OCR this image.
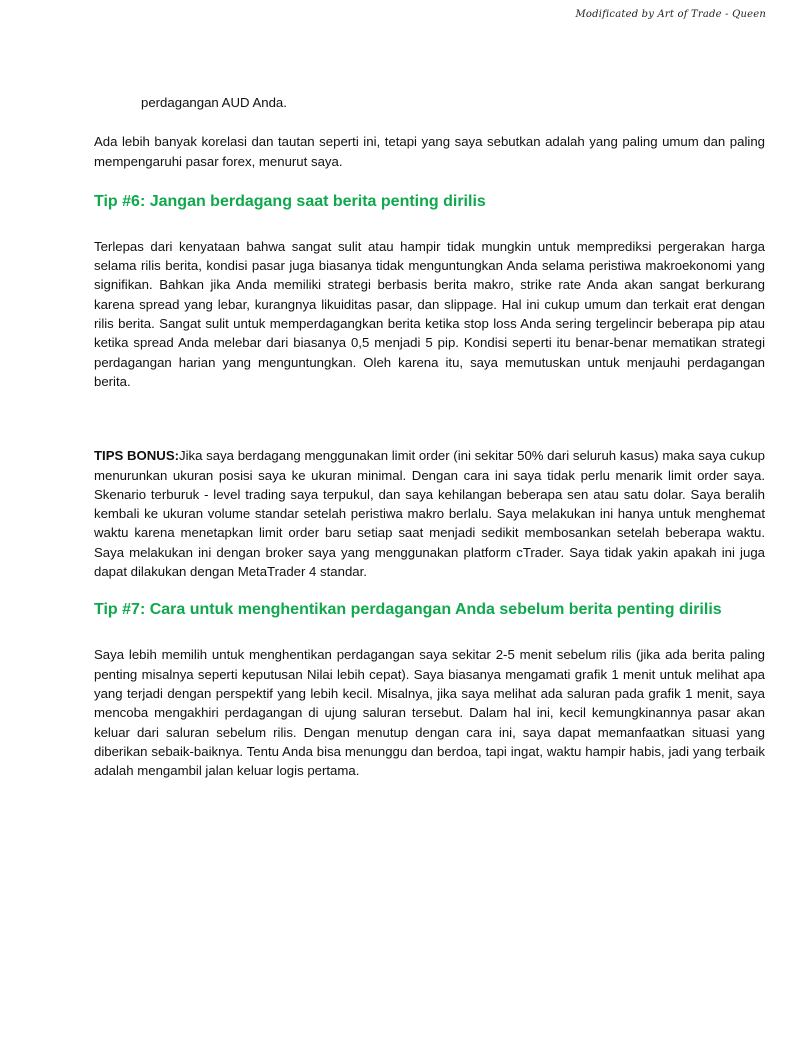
Modificated by Art of Trade - Queen

perdagangan AUD Anda.

Ada lebih banyak korelasi dan tautan seperti ini, tetapi yang saya sebutkan adalah yang paling umum dan paling mempengaruhi pasar forex, menurut saya.

Tip #6: Jangan berdagang saat berita penting dirilis

Terlepas dari kenyataan bahwa sangat sulit atau hampir tidak mungkin untuk memprediksi pergerakan harga selama rilis berita, kondisi pasar juga biasanya tidak menguntungkan Anda selama peristiwa makroekonomi yang signifikan. Bahkan jika Anda memiliki strategi berbasis berita makro, strike rate Anda akan sangat berkurang karena spread yang lebar, kurangnya likuiditas pasar, dan slippage. Hal ini cukup umum dan terkait erat dengan rilis berita. Sangat sulit untuk memperdagangkan berita ketika stop loss Anda sering tergelincir beberapa pip atau ketika spread Anda melebar dari biasanya 0,5 menjadi 5 pip. Kondisi seperti itu benar-benar mematikan strategi perdagangan harian yang menguntungkan. Oleh karena itu, saya memutuskan untuk menjauhi perdagangan berita.

TIPS BONUS:Jika saya berdagang menggunakan limit order (ini sekitar 50% dari seluruh kasus) maka saya cukup menurunkan ukuran posisi saya ke ukuran minimal. Dengan cara ini saya tidak perlu menarik limit order saya. Skenario terburuk - level trading saya terpukul, dan saya kehilangan beberapa sen atau satu dolar. Saya beralih kembali ke ukuran volume standar setelah peristiwa makro berlalu. Saya melakukan ini hanya untuk menghemat waktu karena menetapkan limit order baru setiap saat menjadi sedikit membosankan setelah beberapa waktu. Saya melakukan ini dengan broker saya yang menggunakan platform cTrader. Saya tidak yakin apakah ini juga dapat dilakukan dengan MetaTrader 4 standar.

Tip #7: Cara untuk menghentikan perdagangan Anda sebelum berita penting dirilis

Saya lebih memilih untuk menghentikan perdagangan saya sekitar 2-5 menit sebelum rilis (jika ada berita paling penting misalnya seperti keputusan Nilai lebih cepat). Saya biasanya mengamati grafik 1 menit untuk melihat apa yang terjadi dengan perspektif yang lebih kecil. Misalnya, jika saya melihat ada saluran pada grafik 1 menit, saya mencoba mengakhiri perdagangan di ujung saluran tersebut. Dalam hal ini, kecil kemungkinannya pasar akan keluar dari saluran sebelum rilis. Dengan menutup dengan cara ini, saya dapat memanfaatkan situasi yang diberikan sebaik-baiknya. Tentu Anda bisa menunggu dan berdoa, tapi ingat, waktu hampir habis, jadi yang terbaik adalah mengambil jalan keluar logis pertama.
